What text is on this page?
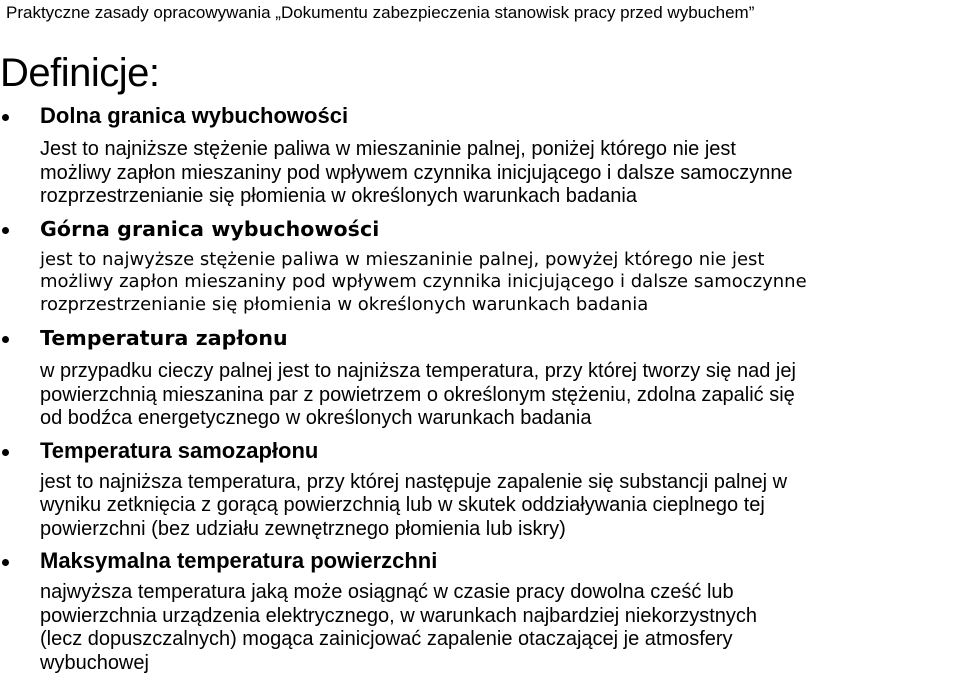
Praktyczne zasady opracowywania „Dokumentu zabezpieczenia stanowisk pracy przed wybuchem”
Definicje:
Dolna granica wybuchowości
Jest to najniższe stężenie paliwa w mieszaninie palnej, poniżej którego nie jest
możliwy zapłon mieszaniny pod wpływem czynnika inicjującego i dalsze samoczynne
rozprzestrzenianie się płomienia w określonych warunkach badania
Górna granica wybuchowości
jest to najwyższe stężenie paliwa w mieszaninie palnej, powyżej którego nie jest
możliwy zapłon mieszaniny pod wpływem czynnika inicjującego i dalsze samoczynne
rozprzestrzenianie się płomienia w określonych warunkach badania
Temperatura zapłonu
w przypadku cieczy palnej jest to najniższa temperatura, przy której tworzy się nad jej
powierzchnią mieszanina par z powietrzem o określonym stężeniu, zdolna zapalić się
od bodźca energetycznego w określonych warunkach badania
Temperatura samozapłonu
jest to najniższa temperatura, przy której następuje zapalenie się substancji palnej w
wyniku zetknięcia z gorącą powierzchnią lub w skutek oddziaływania cieplnego tej
powierzchni (bez udziału zewnętrznego płomienia lub iskry)
Maksymalna temperatura powierzchni
najwyższa temperatura jaką może osiągnąć w czasie pracy dowolna cześć lub
powierzchnia urządzenia elektrycznego, w warunkach najbardziej niekorzystnych
(lecz dopuszczalnych) mogąca zainicjować zapalenie otaczającej je atmosfery
wybuchowej
